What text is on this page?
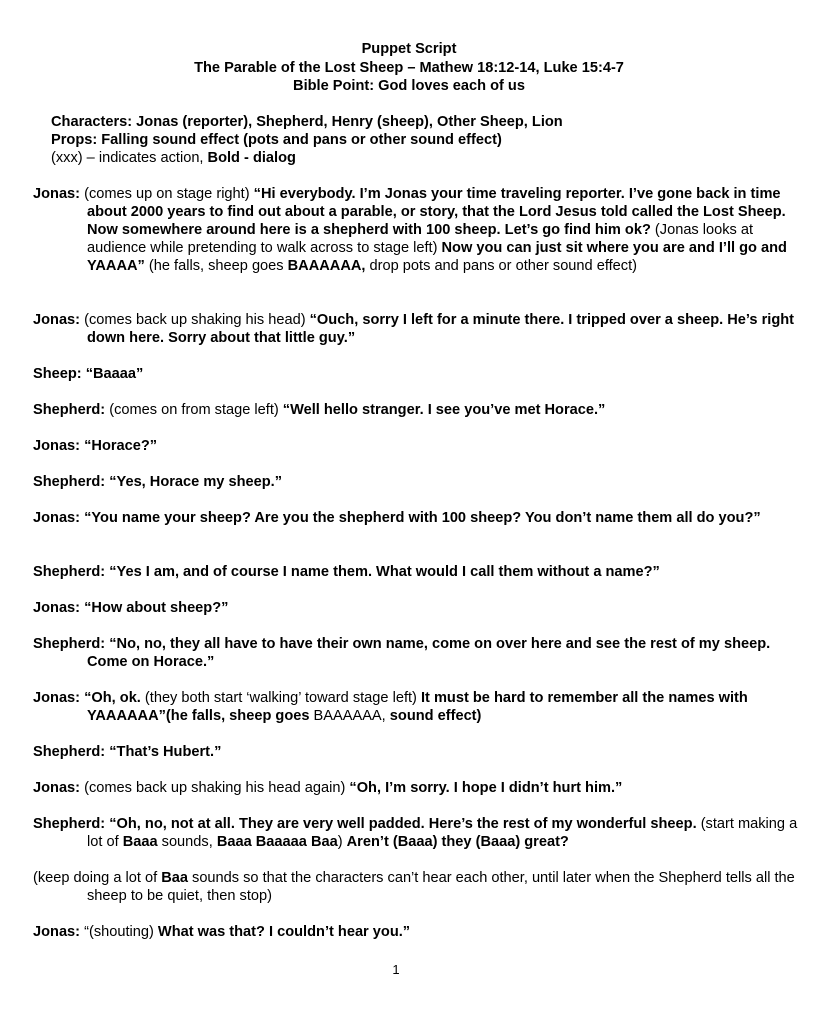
Puppet Script
The Parable of the Lost Sheep – Mathew 18:12-14, Luke 15:4-7
Bible Point: God loves each of us
Characters: Jonas (reporter), Shepherd, Henry (sheep), Other Sheep, Lion
Props: Falling sound effect (pots and pans or other sound effect)
(xxx) – indicates action, Bold - dialog
Jonas: (comes up on stage right) “Hi everybody. I’m Jonas your time traveling reporter. I’ve gone back in time about 2000 years to find out about a parable, or story, that the Lord Jesus told called the Lost Sheep. Now somewhere around here is a shepherd with 100 sheep. Let’s go find him ok? (Jonas looks at audience while pretending to walk across to stage left) Now you can just sit where you are and I’ll go and YAAAA” (he falls, sheep goes BAAAAAA, drop pots and pans or other sound effect)
Jonas: (comes back up shaking his head) “Ouch, sorry I left for a minute there. I tripped over a sheep. He’s right down here. Sorry about that little guy.”
Sheep: “Baaaa”
Shepherd: (comes on from stage left) “Well hello stranger. I see you’ve met Horace.”
Jonas: “Horace?”
Shepherd: “Yes, Horace my sheep.”
Jonas: “You name your sheep? Are you the shepherd with 100 sheep? You don’t name them all do you?”
Shepherd: “Yes I am, and of course I name them. What would I call them without a name?”
Jonas: “How about sheep?”
Shepherd: “No, no, they all have to have their own name, come on over here and see the rest of my sheep. Come on Horace.”
Jonas: “Oh, ok. (they both start ‘walking’ toward stage left) It must be hard to remember all the names with YAAAAAA”(he falls, sheep goes BAAAAAA, sound effect)
Shepherd: “That’s Hubert.”
Jonas: (comes back up shaking his head again) “Oh, I’m sorry. I hope I didn’t hurt him.”
Shepherd: “Oh, no, not at all. They are very well padded. Here’s the rest of my wonderful sheep. (start making a lot of Baaa sounds, Baaa Baaaaa Baa) Aren’t (Baaa) they (Baaa) great?
(keep doing a lot of Baa sounds so that the characters can’t hear each other, until later when the Shepherd tells all the sheep to be quiet, then stop)
Jonas: “(shouting) What was that? I couldn’t hear you.”
1
